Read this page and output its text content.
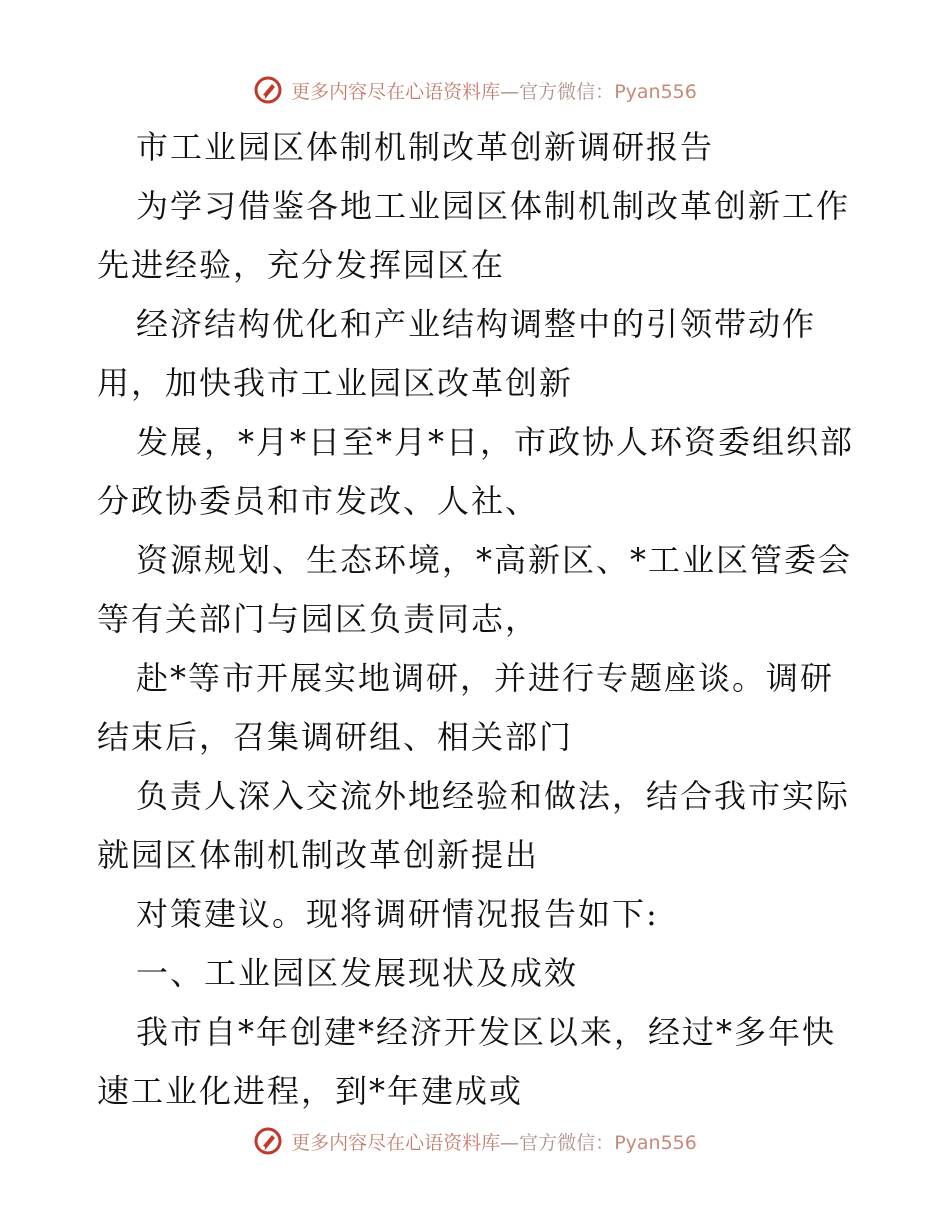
更多内容尽在心语资料库—官方微信：Pyan556
市工业园区体制机制改革创新调研报告
为学习借鉴各地工业园区体制机制改革创新工作
先进经验，充分发挥园区在
经济结构优化和产业结构调整中的引领带动作
用，加快我市工业园区改革创新
发展，*月*日至*月*日，市政协人环资委组织部
分政协委员和市发改、人社、
资源规划、生态环境，*高新区、*工业区管委会
等有关部门与园区负责同志，
赴*等市开展实地调研，并进行专题座谈。调研
结束后，召集调研组、相关部门
负责人深入交流外地经验和做法，结合我市实际
就园区体制机制改革创新提出
对策建议。现将调研情况报告如下:
一、工业园区发展现状及成效
我市自*年创建*经济开发区以来，经过*多年快
速工业化进程，到*年建成或
更多内容尽在心语资料库—官方微信：Pyan556
